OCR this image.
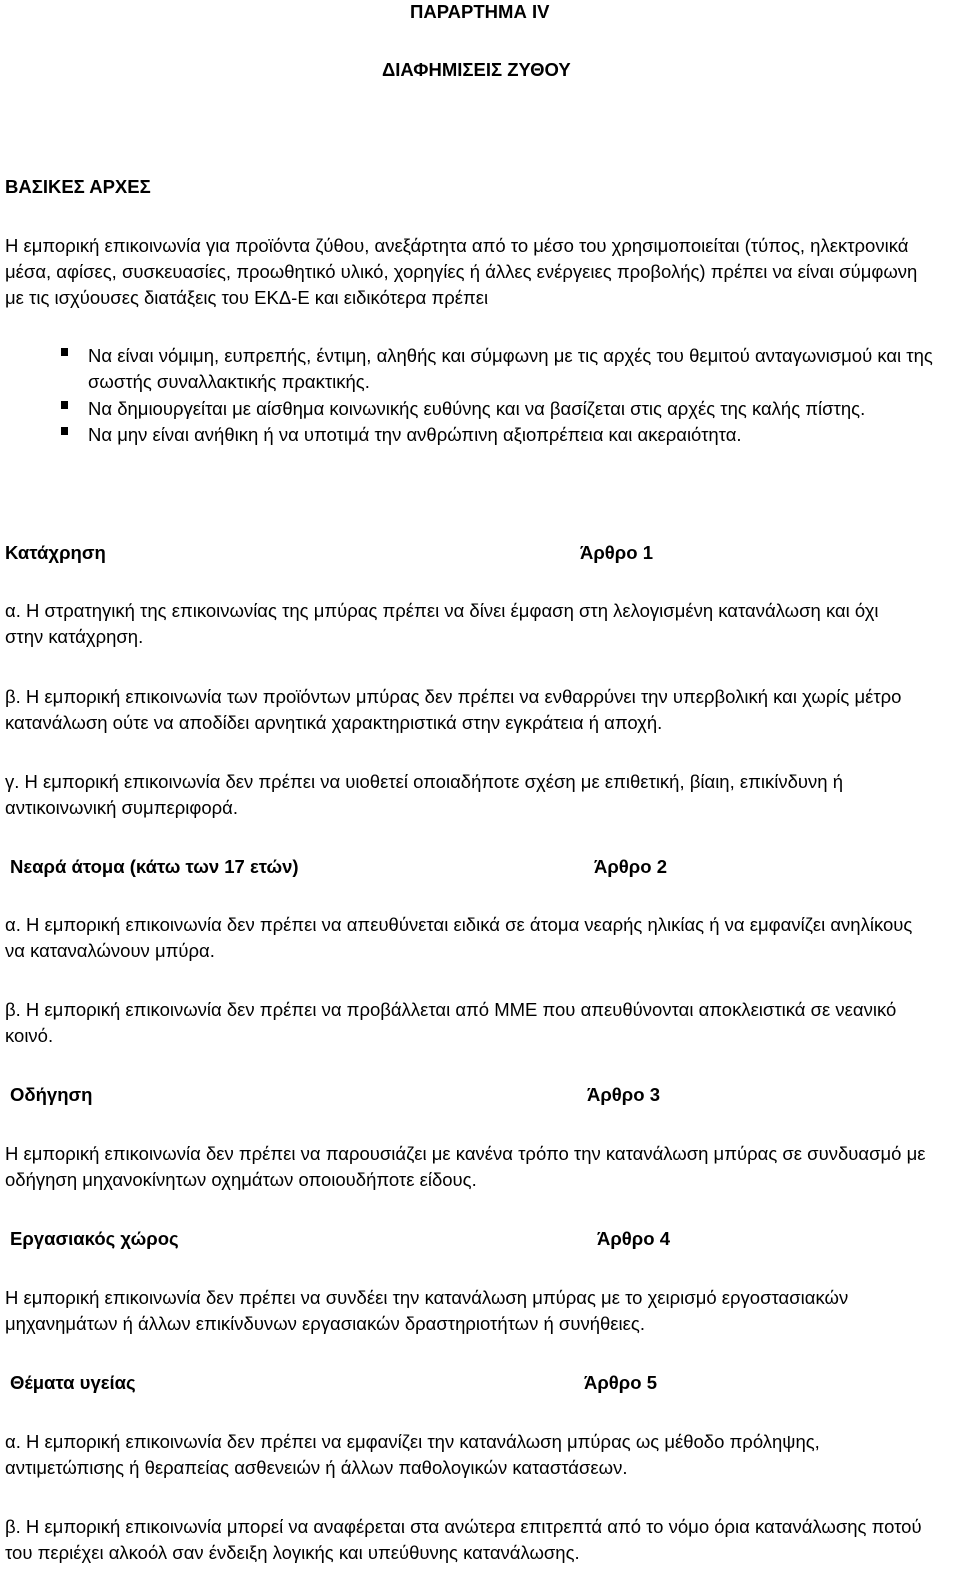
ΠΑΡΑΡΤΗΜΑ IV

ΔΙΑΦΗΜΙΣΕΙΣ ΖΥΘΟΥ

ΒΑΣΙΚΕΣ ΑΡΧΕΣ

Η εμπορική επικοινωνία για προϊόντα ζύθου, ανεξάρτητα από το μέσο του χρησιμοποιείται (τύπος, ηλεκτρονικά

μέσα, αφίσες, συσκευασίες, προωθητικό υλικό, χορηγίες ή άλλες ενέργειες προβολής) πρέπει να είναι σύμφωνη

με τις ισχύουσες διατάξεις του ΕΚΔ-Ε και ειδικότερα πρέπει

Να είναι νόμιμη, ευπρεπής, έντιμη, αληθής και σύμφωνη με τις αρχές του θεμιτού ανταγωνισμού και της

σωστής συναλλακτικής πρακτικής.

Να δημιουργείται με αίσθημα κοινωνικής ευθύνης και να βασίζεται στις αρχές της καλής πίστης.

Να μην είναι ανήθικη ή να υποτιμά την ανθρώπινη αξιοπρέπεια και ακεραιότητα.

Κατάχρηση	Άρθρο 1

α. Η στρατηγική της επικοινωνίας της μπύρας πρέπει να δίνει έμφαση στη λελογισμένη κατανάλωση και όχι

στην κατάχρηση.

β. Η εμπορική επικοινωνία των προϊόντων μπύρας δεν πρέπει να ενθαρρύνει την υπερβολική και χωρίς μέτρο

κατανάλωση ούτε να αποδίδει αρνητικά χαρακτηριστικά στην εγκράτεια ή αποχή.

γ. Η εμπορική επικοινωνία δεν πρέπει να υιοθετεί οποιαδήποτε σχέση με επιθετική, βίαιη, επικίνδυνη ή

αντικοινωνική συμπεριφορά.

Νεαρά άτομα (κάτω των 17 ετών)	Άρθρο 2

α. Η εμπορική επικοινωνία δεν πρέπει να απευθύνεται ειδικά σε άτομα νεαρής ηλικίας ή να εμφανίζει ανηλίκους

να καταναλώνουν μπύρα.

β. Η εμπορική επικοινωνία δεν πρέπει να προβάλλεται από ΜΜΕ που απευθύνονται αποκλειστικά σε νεανικό

κοινό.

Οδήγηση	Άρθρο 3

Η εμπορική επικοινωνία δεν πρέπει να παρουσιάζει με κανένα τρόπο την κατανάλωση μπύρας σε συνδυασμό με

οδήγηση μηχανοκίνητων οχημάτων οποιουδήποτε είδους.

Εργασιακός χώρος	Άρθρο 4

Η εμπορική επικοινωνία δεν πρέπει να συνδέει την κατανάλωση μπύρας με το χειρισμό εργοστασιακών

μηχανημάτων ή άλλων επικίνδυνων εργασιακών δραστηριοτήτων ή συνήθειες.

Θέματα υγείας	Άρθρο 5

α. Η εμπορική επικοινωνία δεν πρέπει να εμφανίζει την κατανάλωση μπύρας ως μέθοδο πρόληψης,

αντιμετώπισης ή θεραπείας ασθενειών ή άλλων παθολογικών καταστάσεων.

β. Η εμπορική επικοινωνία μπορεί να αναφέρεται στα ανώτερα επιτρεπτά από το νόμο όρια κατανάλωσης ποτού

του περιέχει αλκοόλ σαν ένδειξη λογικής και υπεύθυνης κατανάλωσης.
